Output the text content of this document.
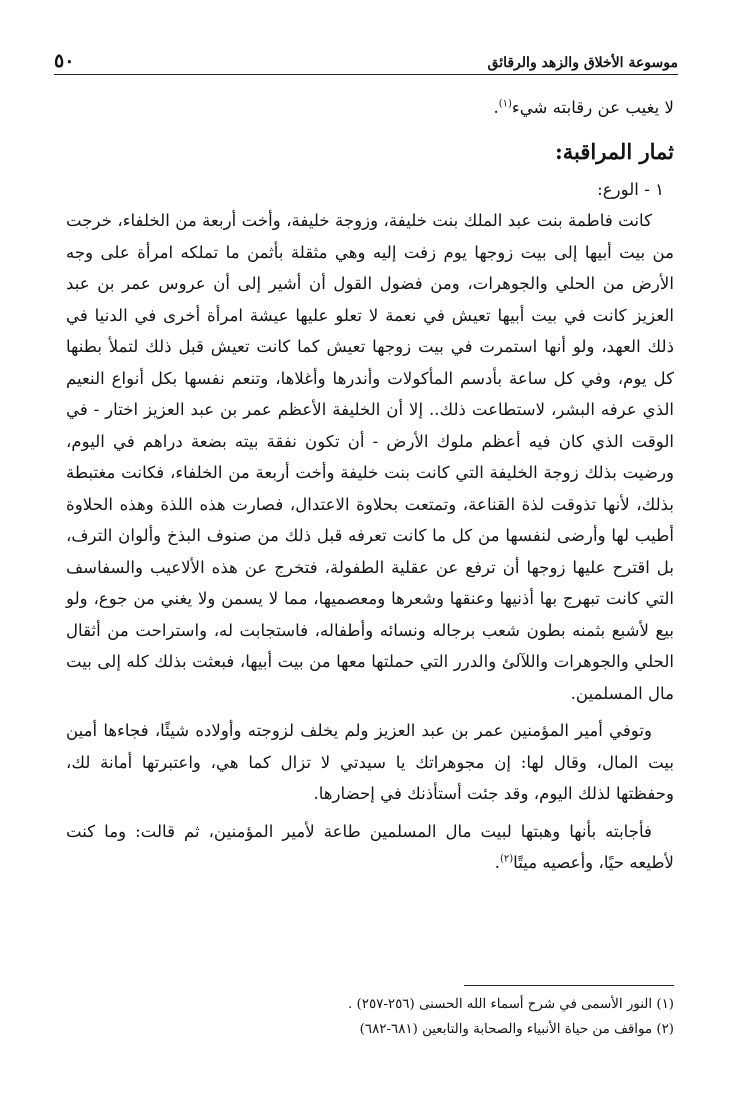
موسوعة الأخلاق والزهد والرقائق
٥٠

لا يغيب عن رقابته شيء$^{(١)}$.

ثمار المراقبة:

١ - الورع:

كانت فاطمة بنت عبد الملك بنت خليفة، وزوجة خليفة، وأخت أربعة من الخلفاء، خرجت من بيت أبيها إلى بيت زوجها يوم زفت إليه وهي مثقلة بأثمن ما تملكه امرأة على وجه الأرض من الحلي والجوهرات، ومن فضول القول أن أشير إلى أن عروس عمر بن عبد العزيز كانت في بيت أبيها تعيش في نعمة لا تعلو عليها عيشة امرأة أخرى في الدنيا في ذلك العهد، ولو أنها استمرت في بيت زوجها تعيش كما كانت تعيش قبل ذلك لتملأ بطنها كل يوم، وفي كل ساعة بأدسم المأكولات وأندرها وأغلاها، وتنعم نفسها بكل أنواع النعيم الذي عرفه البشر، لاستطاعت ذلك.. إلا أن الخليفة الأعظم عمر بن عبد العزيز اختار - في الوقت الذي كان فيه أعظم ملوك الأرض - أن تكون نفقة بيته بضعة دراهم في اليوم، ورضيت بذلك زوجة الخليفة التي كانت بنت خليفة وأخت أربعة من الخلفاء، فكانت مغتبطة بذلك، لأنها تذوقت لذة القناعة، وتمتعت بحلاوة الاعتدال، فصارت هذه اللذة وهذه الحلاوة أطيب لها وأرضى لنفسها من كل ما كانت تعرفه قبل ذلك من صنوف البذخ وألوان الترف، بل اقترح عليها زوجها أن ترفع عن عقلية الطفولة، فتخرج عن هذه الألاعيب والسفاسف التي كانت تبهرج بها أذنيها وعنقها وشعرها ومعصميها، مما لا يسمن ولا يغني من جوع، ولو بيع لأشبع بثمنه بطون شعب برجاله ونسائه وأطفاله، فاستجابت له، واستراحت من أثقال الحلي والجوهرات واللآلئ والدرر التي حملتها معها من بيت أبيها، فبعثت بذلك كله إلى بيت مال المسلمين.

وتوفي أمير المؤمنين عمر بن عبد العزيز ولم يخلف لزوجته وأولاده شيئًا، فجاءها أمين بيت المال، وقال لها: إن مجوهراتك يا سيدتي لا تزال كما هي، واعتبرتها أمانة لك، وحفظتها لذلك اليوم، وقد جئت أستأذنك في إحضارها.

فأجابته بأنها وهبتها لبيت مال المسلمين طاعة لأمير المؤمنين، ثم قالت: وما كنت لأطيعه حيًا، وأعصيه ميتًا$^{(٢)}$.

(١) النور الأسمى في شرح أسماء الله الحسنى (٢٥٦-٢٥٧) .

(٢) مواقف من حياة الأنبياء والصحابة والتابعين (٦٨١-٦٨٢)
